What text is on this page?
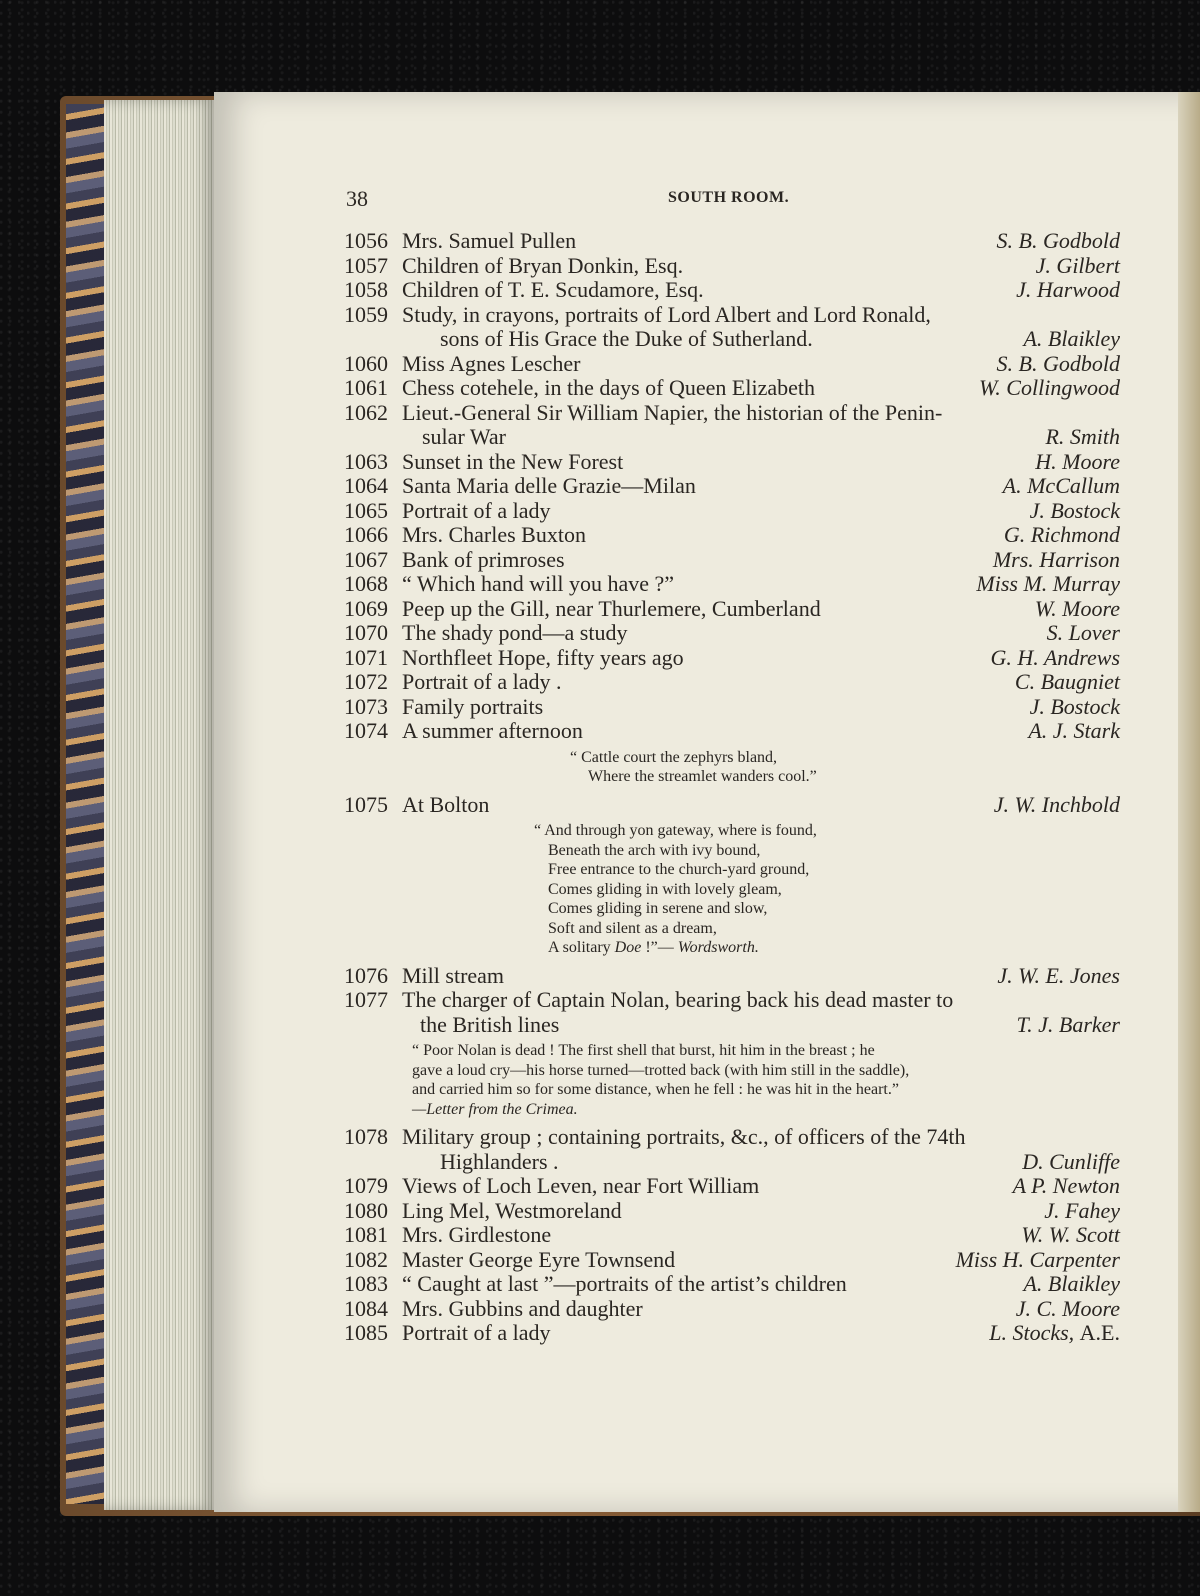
38	SOUTH ROOM.
1056 Mrs. Samuel Pullen	S. B. Godbold
1057 Children of Bryan Donkin, Esq.	J. Gilbert
1058 Children of T. E. Scudamore, Esq.	J. Harwood
1059 Study, in crayons, portraits of Lord Albert and Lord Ronald,
sons of His Grace the Duke of Sutherland.	A. Blaikley
1060 Miss Agnes Lescher	S. B. Godbold
1061 Chess cotehele, in the days of Queen Elizabeth	W. Collingwood
1062 Lieut.-General Sir William Napier, the historian of the Penin-
sular War	R. Smith
1063 Sunset in the New Forest	H. Moore
1064 Santa Maria delle Grazie—Milan	A. McCallum
1065 Portrait of a lady	J. Bostock
1066 Mrs. Charles Buxton	G. Richmond
1067 Bank of primroses	Mrs. Harrison
1068 “ Which hand will you have ?”	Miss M. Murray
1069 Peep up the Gill, near Thurlemere, Cumberland	W. Moore
1070 The shady pond—a study	S. Lover
1071 Northfleet Hope, fifty years ago	G. H. Andrews
1072 Portrait of a lady .	C. Baugniet
1073 Family portraits	J. Bostock
1074 A summer afternoon	A. J. Stark
“ Cattle court the zephyrs bland,
Where the streamlet wanders cool.”
1075 At Bolton	J. W. Inchbold
“ And through yon gateway, where is found,
Beneath the arch with ivy bound,
Free entrance to the church-yard ground,
Comes gliding in with lovely gleam,
Comes gliding in serene and slow,
Soft and silent as a dream,
A solitary Doe !”— Wordsworth.
1076 Mill stream	J. W. E. Jones
1077 The charger of Captain Nolan, bearing back his dead master to
the British lines	T. J. Barker
“ Poor Nolan is dead ! The first shell that burst, hit him in the breast ; he
gave a loud cry—his horse turned—trotted back (with him still in the saddle),
and carried him so for some distance, when he fell : he was hit in the heart.”
—Letter from the Crimea.
1078 Military group ; containing portraits, &c., of officers of the 74th
Highlanders .	D. Cunliffe
1079 Views of Loch Leven, near Fort William	A P. Newton
1080 Ling Mel, Westmoreland	J. Fahey
1081 Mrs. Girdlestone	W. W. Scott
1082 Master George Eyre Townsend	Miss H. Carpenter
1083 “ Caught at last ”—portraits of the artist’s children	A. Blaikley
1084 Mrs. Gubbins and daughter	J. C. Moore
1085 Portrait of a lady	L. Stocks, A.E.
